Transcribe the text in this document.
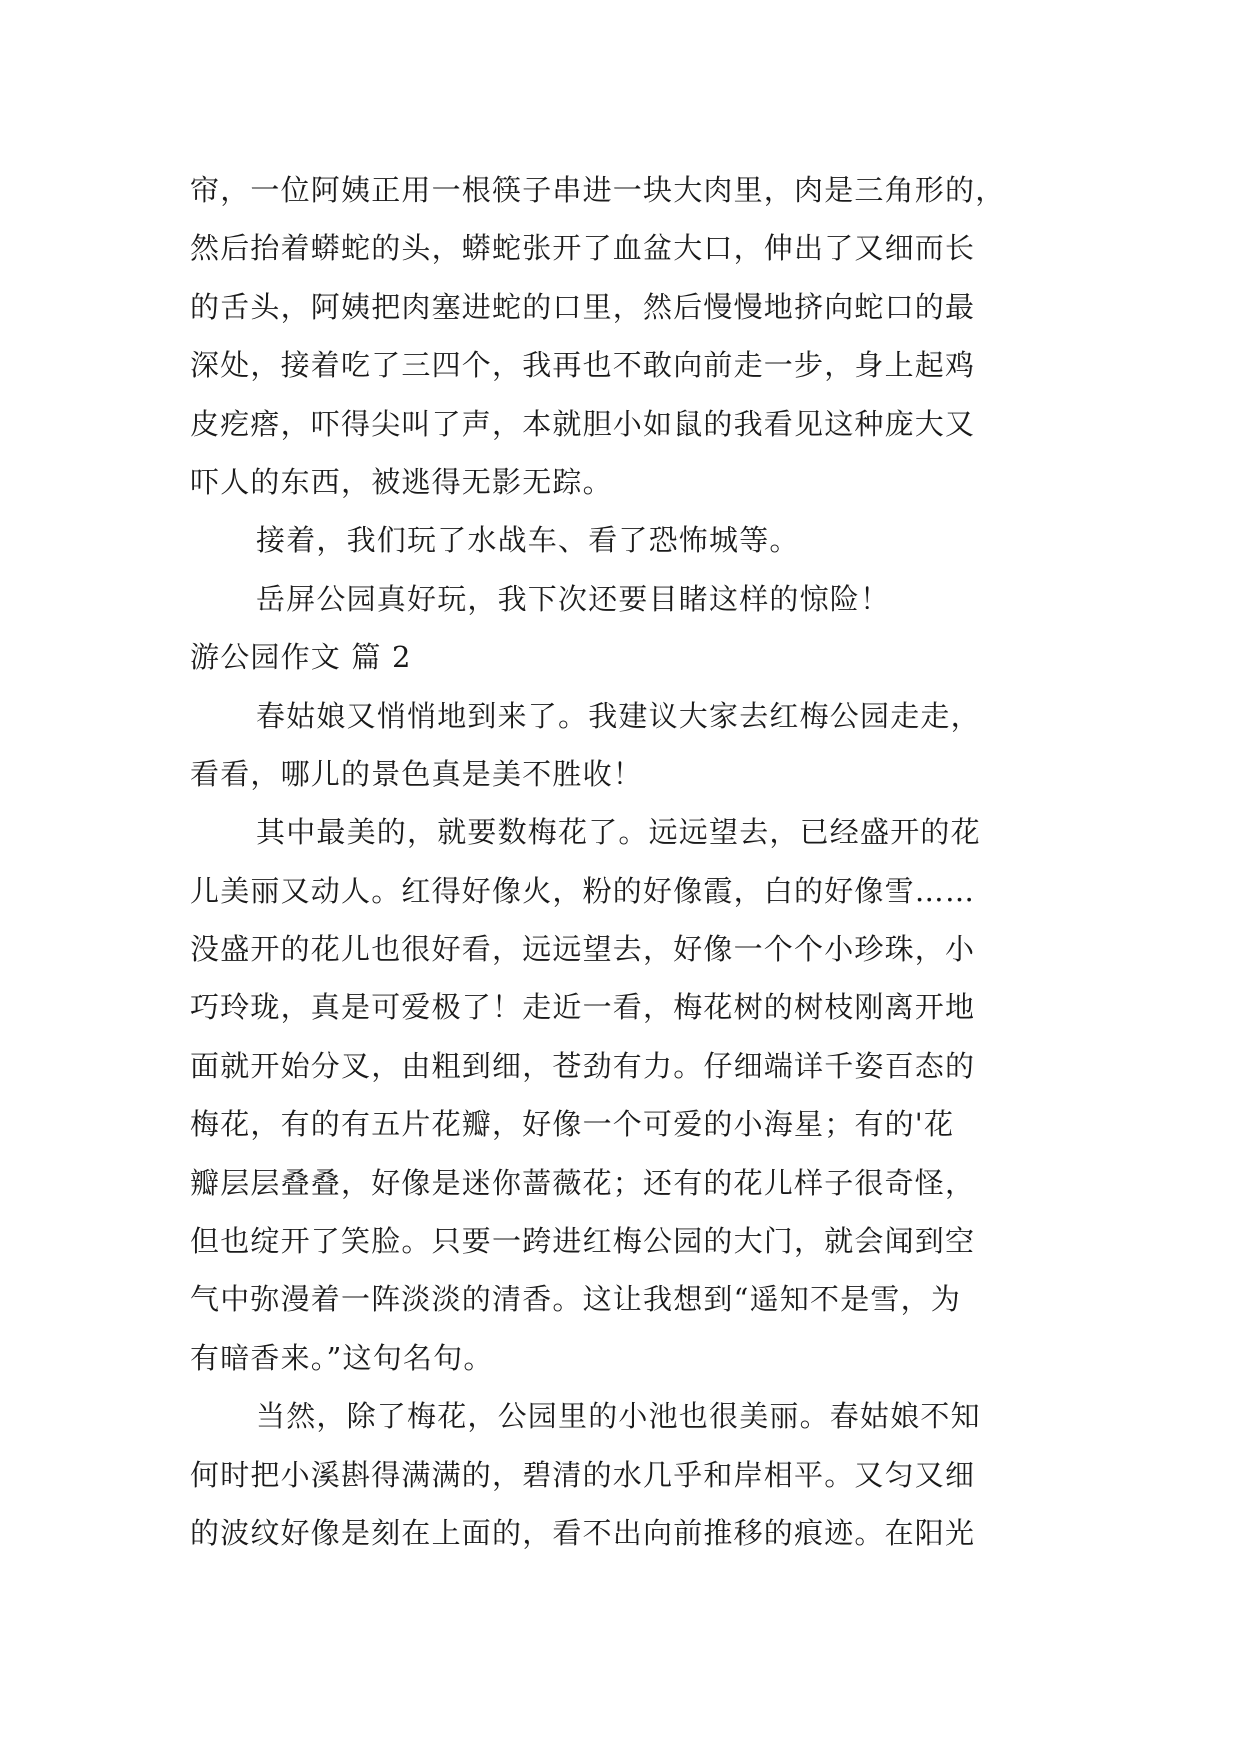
帘，一位阿姨正用一根筷子串进一块大肉里，肉是三角形的，
然后抬着蟒蛇的头，蟒蛇张开了血盆大口，伸出了又细而长
的舌头，阿姨把肉塞进蛇的口里，然后慢慢地挤向蛇口的最
深处，接着吃了三四个，我再也不敢向前走一步，身上起鸡
皮疙瘩，吓得尖叫了声，本就胆小如鼠的我看见这种庞大又
吓人的东西，被逃得无影无踪。
接着，我们玩了水战车、看了恐怖城等。
岳屏公园真好玩，我下次还要目睹这样的惊险！
游公园作文 篇 2
春姑娘又悄悄地到来了。我建议大家去红梅公园走走，
看看，哪儿的景色真是美不胜收！
其中最美的，就要数梅花了。远远望去，已经盛开的花
儿美丽又动人。红得好像火，粉的好像霞，白的好像雪……
没盛开的花儿也很好看，远远望去，好像一个个小珍珠，小
巧玲珑，真是可爱极了！走近一看，梅花树的树枝刚离开地
面就开始分叉，由粗到细，苍劲有力。仔细端详千姿百态的
梅花，有的有五片花瓣，好像一个可爱的小海星；有的'花
瓣层层叠叠，好像是迷你蔷薇花；还有的花儿样子很奇怪，
但也绽开了笑脸。只要一跨进红梅公园的大门，就会闻到空
气中弥漫着一阵淡淡的清香。这让我想到“遥知不是雪，为
有暗香来。”这句名句。
当然，除了梅花，公园里的小池也很美丽。春姑娘不知
何时把小溪斟得满满的，碧清的水几乎和岸相平。又匀又细
的波纹好像是刻在上面的，看不出向前推移的痕迹。在阳光
